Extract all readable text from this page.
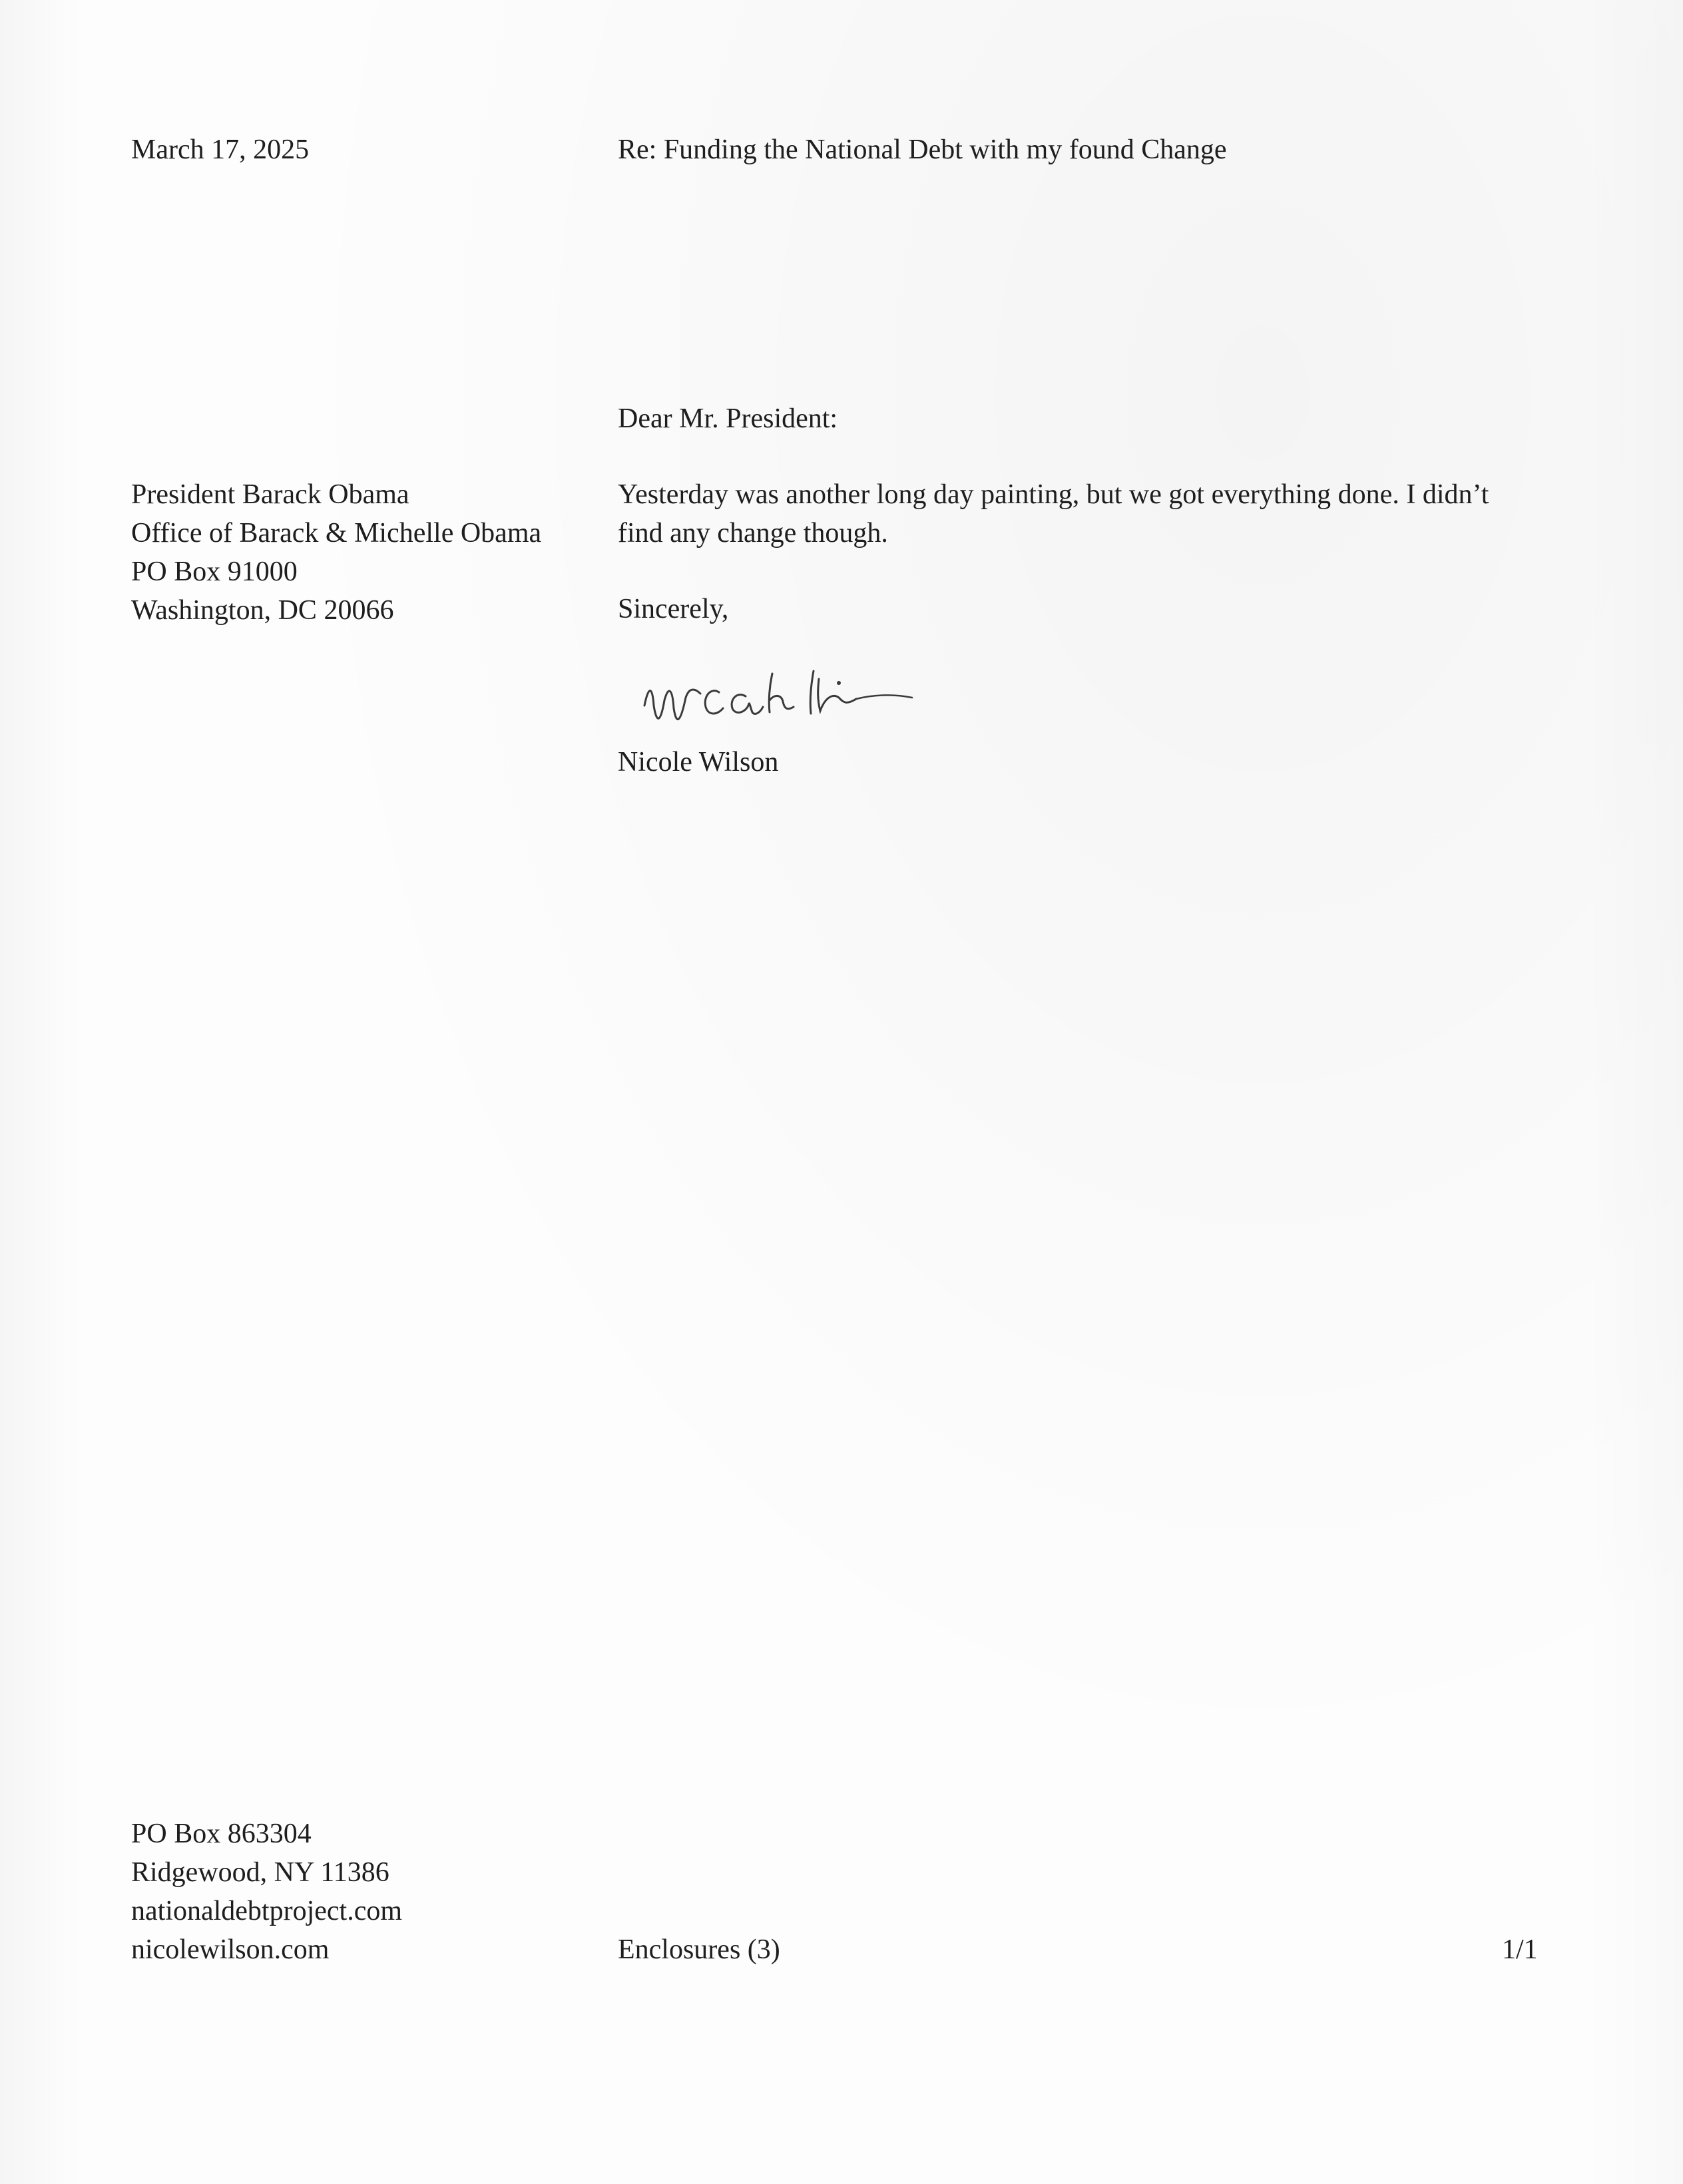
March 17, 2025	Re: Funding the National Debt with my found Change
Dear Mr. President:
President Barack Obama
Office of Barack & Michelle Obama
PO Box 91000
Washington, DC 20066
Yesterday was another long day painting, but we got everything done. I didn’t find any change though.
Sincerely,
Nicole Wilson
PO Box 863304
Ridgewood, NY 11386
nationaldebtproject.com
nicolewilson.com	Enclosures (3)	1/1
